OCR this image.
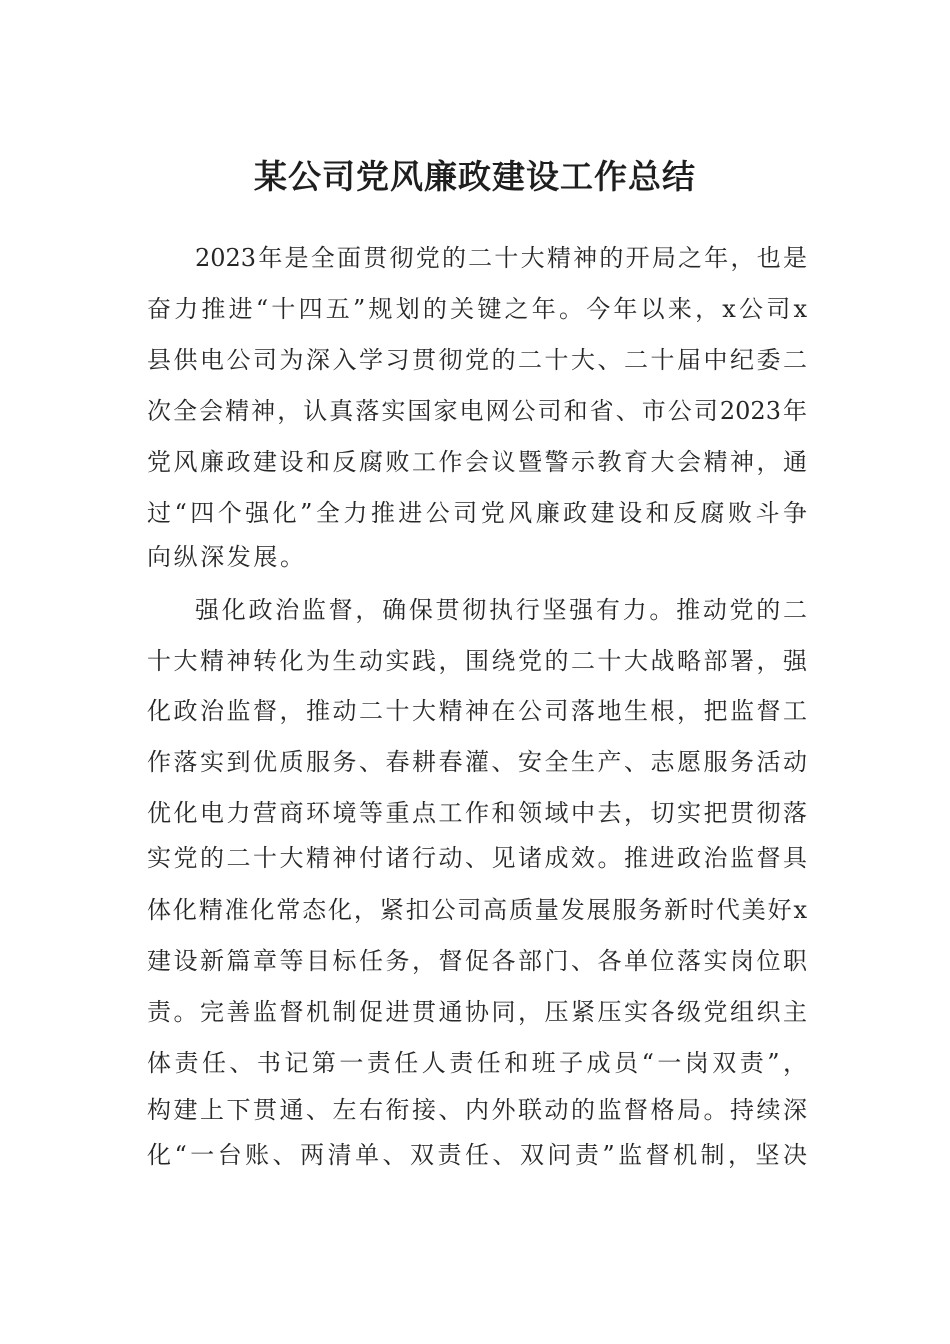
某公司党风廉政建设工作总结
2023年是全面贯彻党的二十大精神的开局之年，也是
奋力推进“十四五”规划的关键之年。今年以来，x公司x
县供电公司为深入学习贯彻党的二十大、二十届中纪委二
次全会精神，认真落实国家电网公司和省、市公司2023年
党风廉政建设和反腐败工作会议暨警示教育大会精神，通
过“四个强化”全力推进公司党风廉政建设和反腐败斗争
向纵深发展。
强化政治监督，确保贯彻执行坚强有力。推动党的二
十大精神转化为生动实践，围绕党的二十大战略部署，强
化政治监督，推动二十大精神在公司落地生根，把监督工
作落实到优质服务、春耕春灌、安全生产、志愿服务活动
优化电力营商环境等重点工作和领域中去，切实把贯彻落
实党的二十大精神付诸行动、见诸成效。推进政治监督具
体化精准化常态化，紧扣公司高质量发展服务新时代美好x
建设新篇章等目标任务，督促各部门、各单位落实岗位职
责。完善监督机制促进贯通协同，压紧压实各级党组织主
体责任、书记第一责任人责任和班子成员“一岗双责”，
构建上下贯通、左右衔接、内外联动的监督格局。持续深
化“一台账、两清单、双责任、双问责”监督机制，坚决
